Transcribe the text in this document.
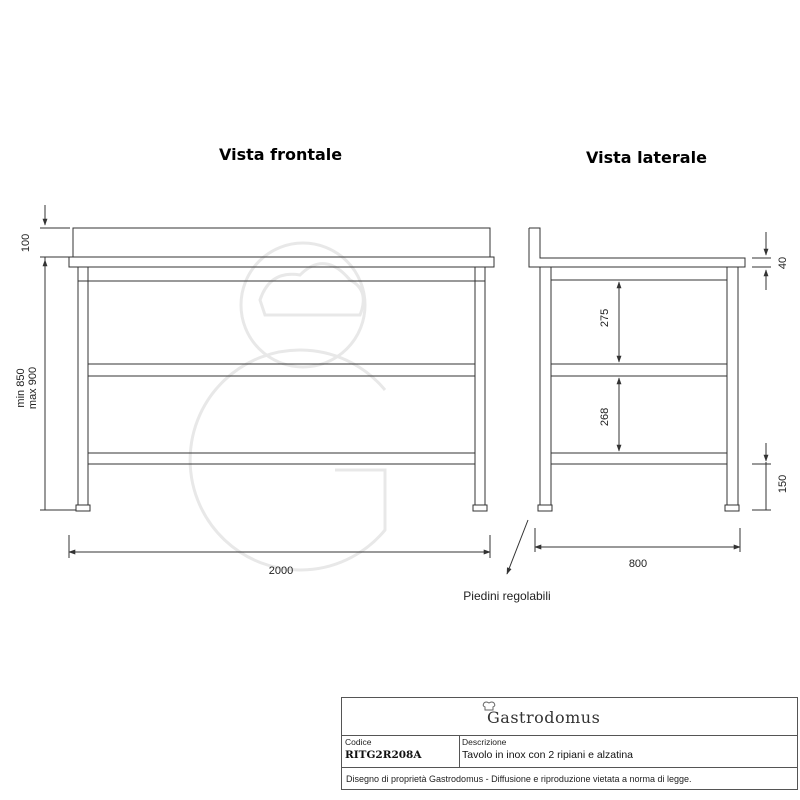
Vista frontale	Vista laterale
100
min 850 max 900
2000
40
275
268
150
800
Piedini regolabili
Gastrodomus
Codice
RITG2R208A
Descrizione
Tavolo in inox con 2 ripiani e alzatina
Disegno di proprietà Gastrodomus - Diffusione e riproduzione vietata a norma di legge.
